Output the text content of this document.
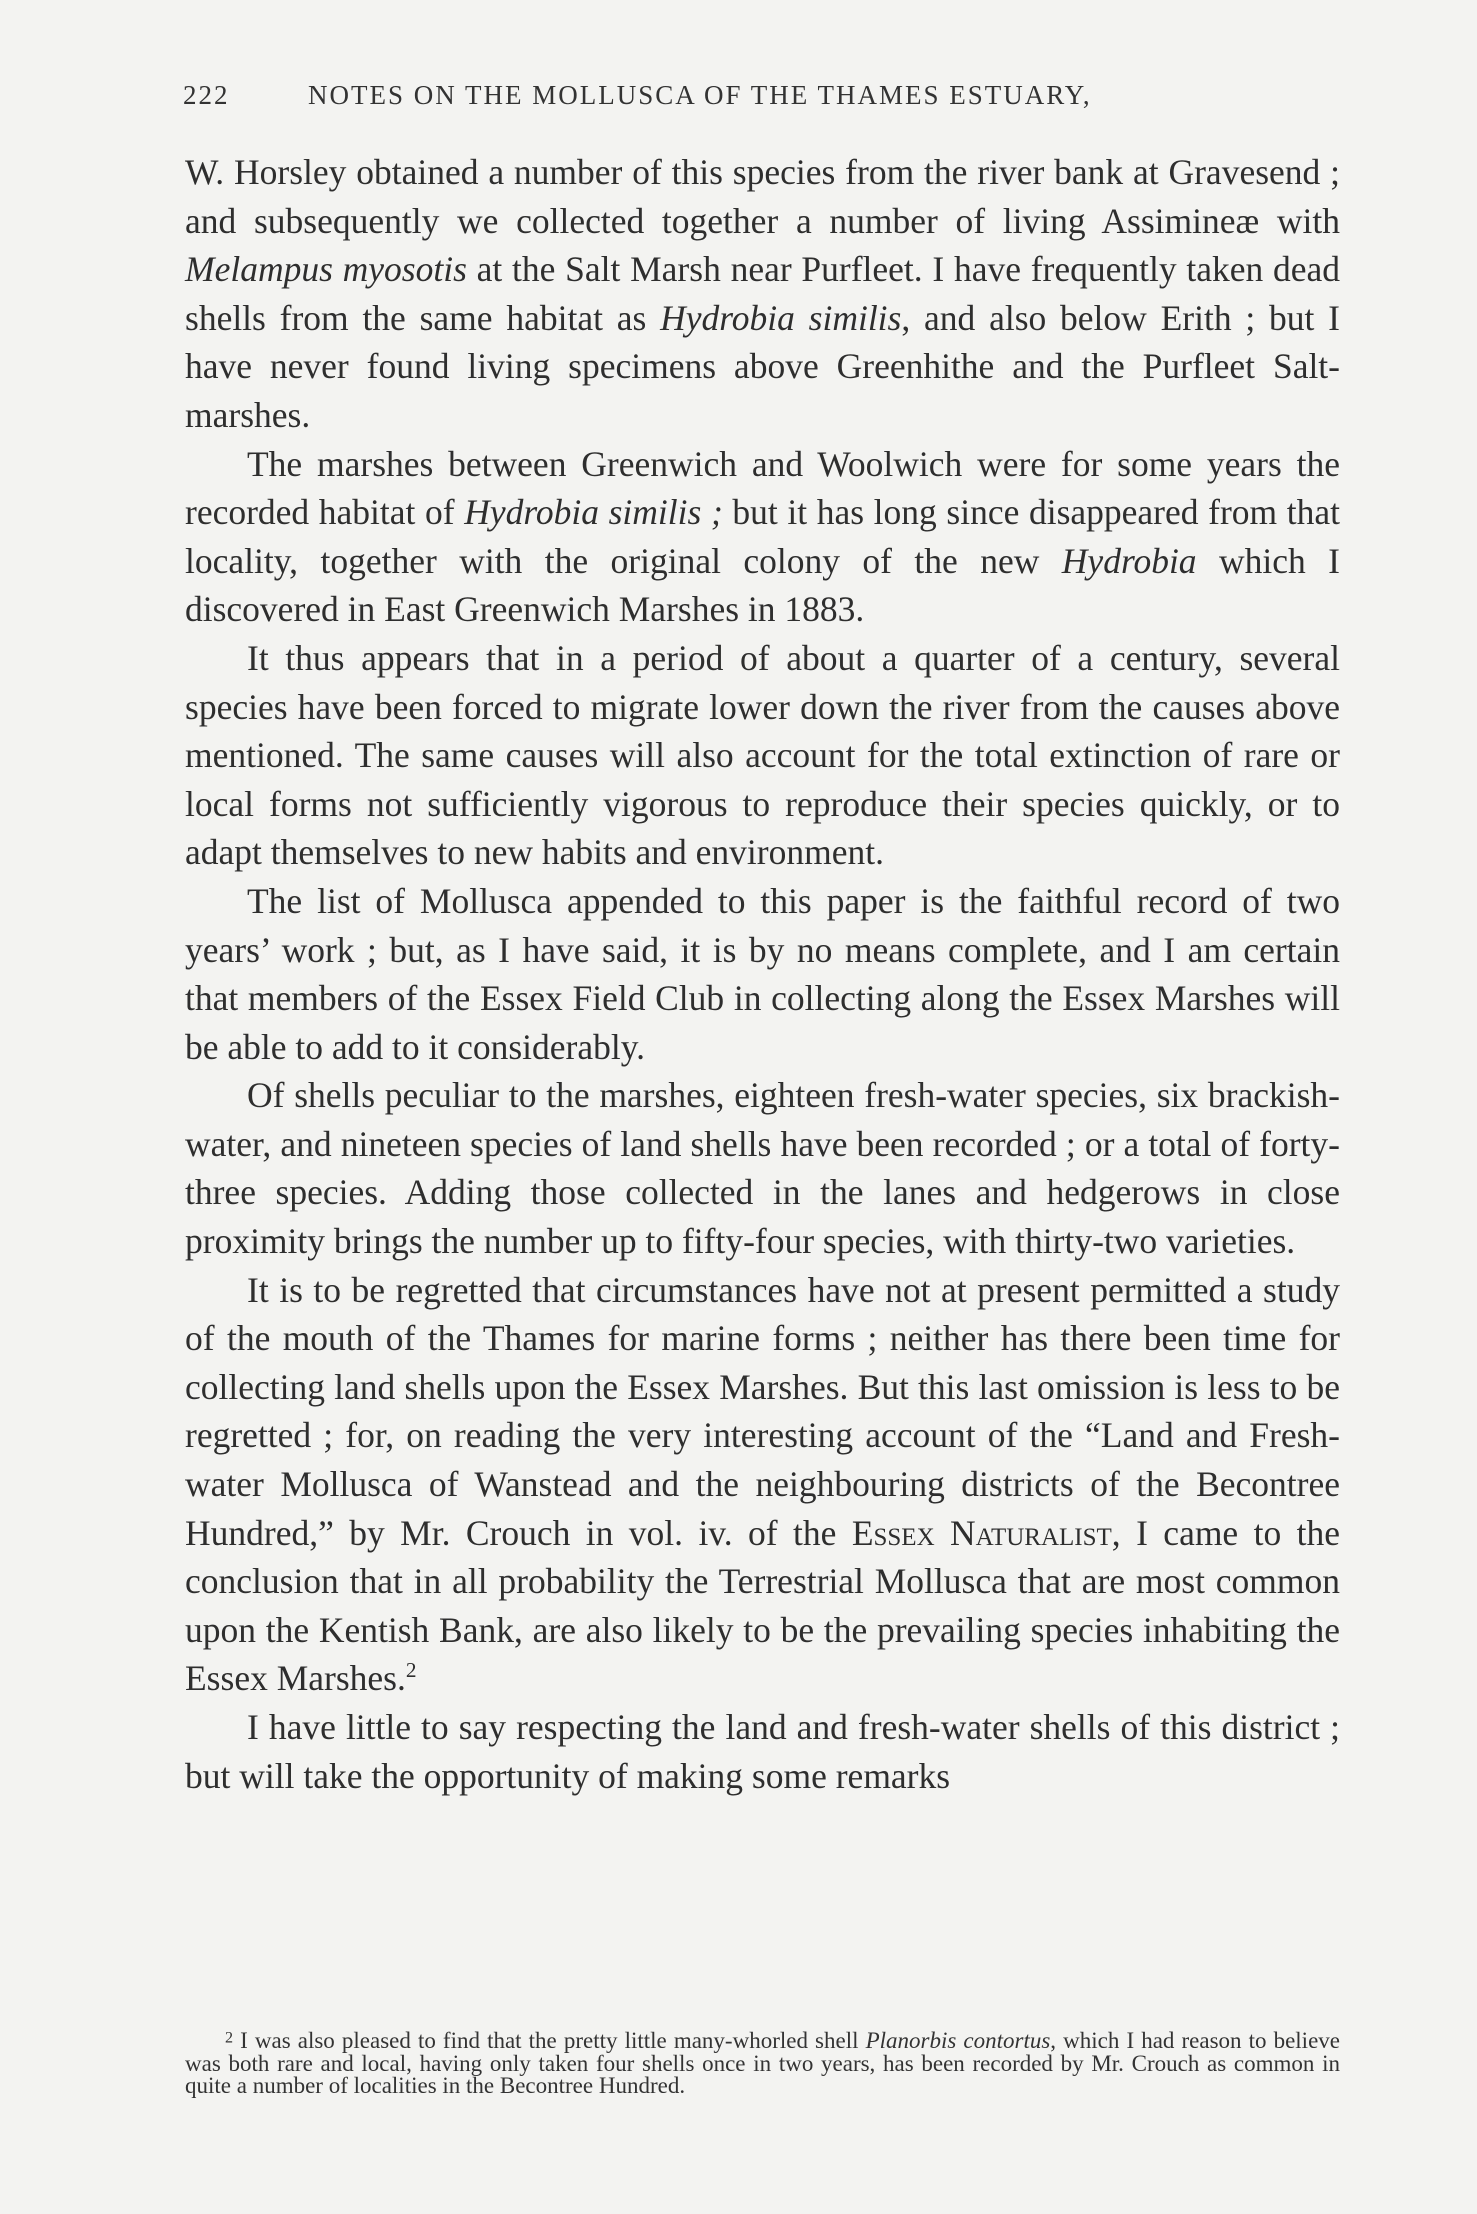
222	NOTES ON THE MOLLUSCA OF THE THAMES ESTUARY,

W. Horsley obtained a number of this species from the river bank at Gravesend ; and subsequently we collected together a number of living Assimineæ with Melampus myosotis at the Salt Marsh near Purfleet. I have frequently taken dead shells from the same habitat as Hydrobia similis, and also below Erith ; but I have never found living specimens above Greenhithe and the Purfleet Salt-marshes.

The marshes between Greenwich and Woolwich were for some years the recorded habitat of Hydrobia similis ; but it has long since disappeared from that locality, together with the original colony of the new Hydrobia which I discovered in East Greenwich Marshes in 1883.

It thus appears that in a period of about a quarter of a century, several species have been forced to migrate lower down the river from the causes above mentioned. The same causes will also account for the total extinction of rare or local forms not sufficiently vigorous to reproduce their species quickly, or to adapt themselves to new habits and environment.

The list of Mollusca appended to this paper is the faithful record of two years’ work ; but, as I have said, it is by no means complete, and I am certain that members of the Essex Field Club in collecting along the Essex Marshes will be able to add to it considerably.

Of shells peculiar to the marshes, eighteen fresh-water species, six brackish-water, and nineteen species of land shells have been recorded ; or a total of forty-three species. Adding those collected in the lanes and hedgerows in close proximity brings the number up to fifty-four species, with thirty-two varieties.

It is to be regretted that circumstances have not at present permitted a study of the mouth of the Thames for marine forms ; neither has there been time for collecting land shells upon the Essex Marshes. But this last omission is less to be regretted ; for, on reading the very interesting account of the “Land and Fresh-water Mollusca of Wanstead and the neighbouring districts of the Becontree Hundred,” by Mr. Crouch in vol. iv. of the Essex Naturalist, I came to the conclusion that in all probability the Terrestrial Mollusca that are most common upon the Kentish Bank, are also likely to be the prevailing species inhabiting the Essex Marshes.$^2$

I have little to say respecting the land and fresh-water shells of this district ; but will take the opportunity of making some remarks

$^2$ I was also pleased to find that the pretty little many-whorled shell Planorbis contortus, which I had reason to believe was both rare and local, having only taken four shells once in two years, has been recorded by Mr. Crouch as common in quite a number of localities in the Becontree Hundred.
